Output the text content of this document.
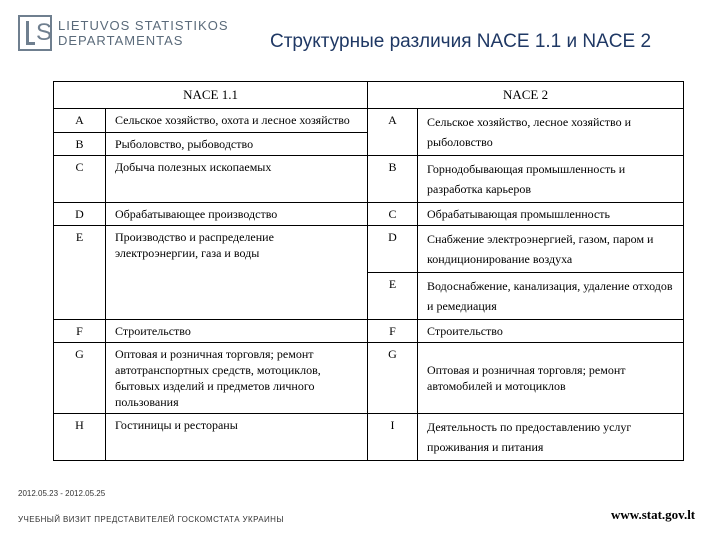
S LIETUVOS STATISTIKOS
DEPARTAMENTAS	Структурные различия NACE 1.1 и NACE 2
NACE 1.1		NACE 2	
A	Сельское хозяйство, охота и лесное хозяйство	A	Сельское хозяйство, лесное хозяйство и рыболовство
B	Рыболовство, рыбоводство		
C	Добыча полезных ископаемых	B	Горнодобывающая промышленность и разработка карьеров
D	Обрабатывающее производство	C	Обрабатывающая промышленность
E	Производство и распределение электроэнергии, газа и воды	D	Снабжение электроэнергией, газом, паром и кондиционирование воздуха
		E	Водоснабжение, канализация, удаление отходов и ремедиация
F	Строительство	F	Строительство
G	Оптовая и розничная торговля; ремонт автотранспортных средств, мотоциклов, бытовых изделий и предметов личного пользования	G	Оптовая и розничная торговля; ремонт автомобилей и мотоциклов
H	Гостиницы и рестораны	I	Деятельность по предоставлению услуг проживания и питания
2012.05.23 - 2012.05.25
УЧЕБНЫЙ ВИЗИТ ПРЕДСТАВИТЕЛЕЙ ГОСКОМСТАТА УКРАИНЫ	www.stat.gov.lt
